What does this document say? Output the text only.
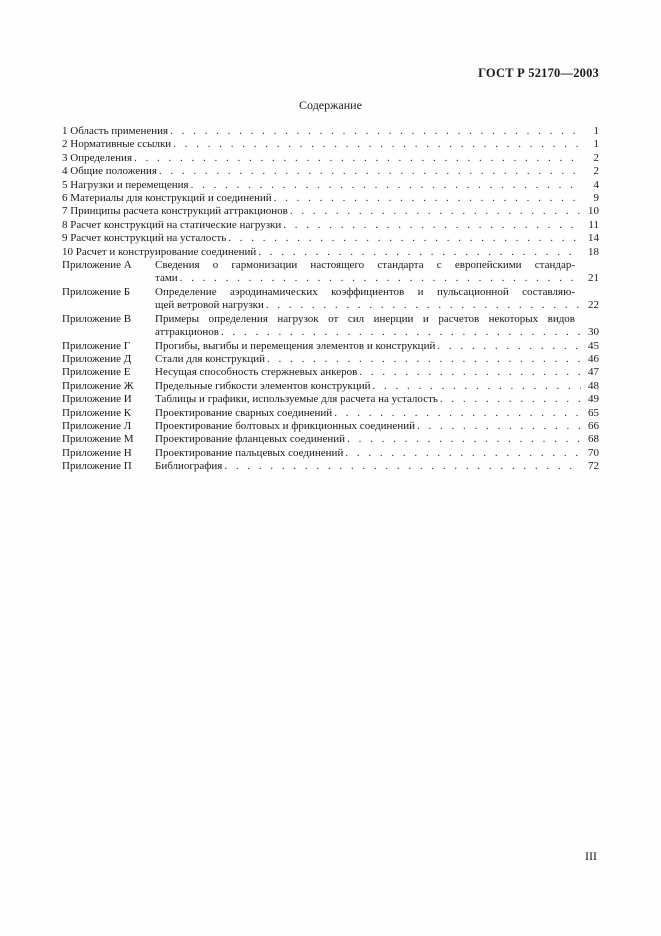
ГОСТ Р 52170—2003
Содержание
1 Область применения . . .	1
2 Нормативные ссылки . . .	1
3 Определения . . .	2
4 Общие положения . . .	2
5 Нагрузки и перемещения . . .	4
6 Материалы для конструкций и соединений . . .	9
7 Принципы расчета конструкций аттракционов . . .	10
8 Расчет конструкций на статические нагрузки . . .	11
9 Расчет конструкций на усталость . . .	14
10 Расчет и конструирование соединений . . .	18
Приложение А	Сведения о гармонизации настоящего стандарта с европейскими стандар-
тами . . .	21
Приложение Б	Определение аэродинамических коэффициентов и пульсационной составляю-
щей ветровой нагрузки . . .	22
Приложение В	Примеры определения нагрузок от сил инерции и расчетов некоторых видов
аттракционов . . .	30
Приложение Г	Прогибы, выгибы и перемещения элементов и конструкций . . .	45
Приложение Д	Стали для конструкций . . .	46
Приложение Е	Несущая способность стержневых анкеров . . .	47
Приложение Ж	Предельные гибкости элементов конструкций . . .	48
Приложение И	Таблицы и графики, используемые для расчета на усталость . . .	49
Приложение К	Проектирование сварных соединений . . .	65
Приложение Л	Проектирование болтовых и фрикционных соединений . . .	66
Приложение М	Проектирование фланцевых соединений . . .	68
Приложение Н	Проектирование пальцевых соединений . . .	70
Приложение П	Библиография . . .	72
III
